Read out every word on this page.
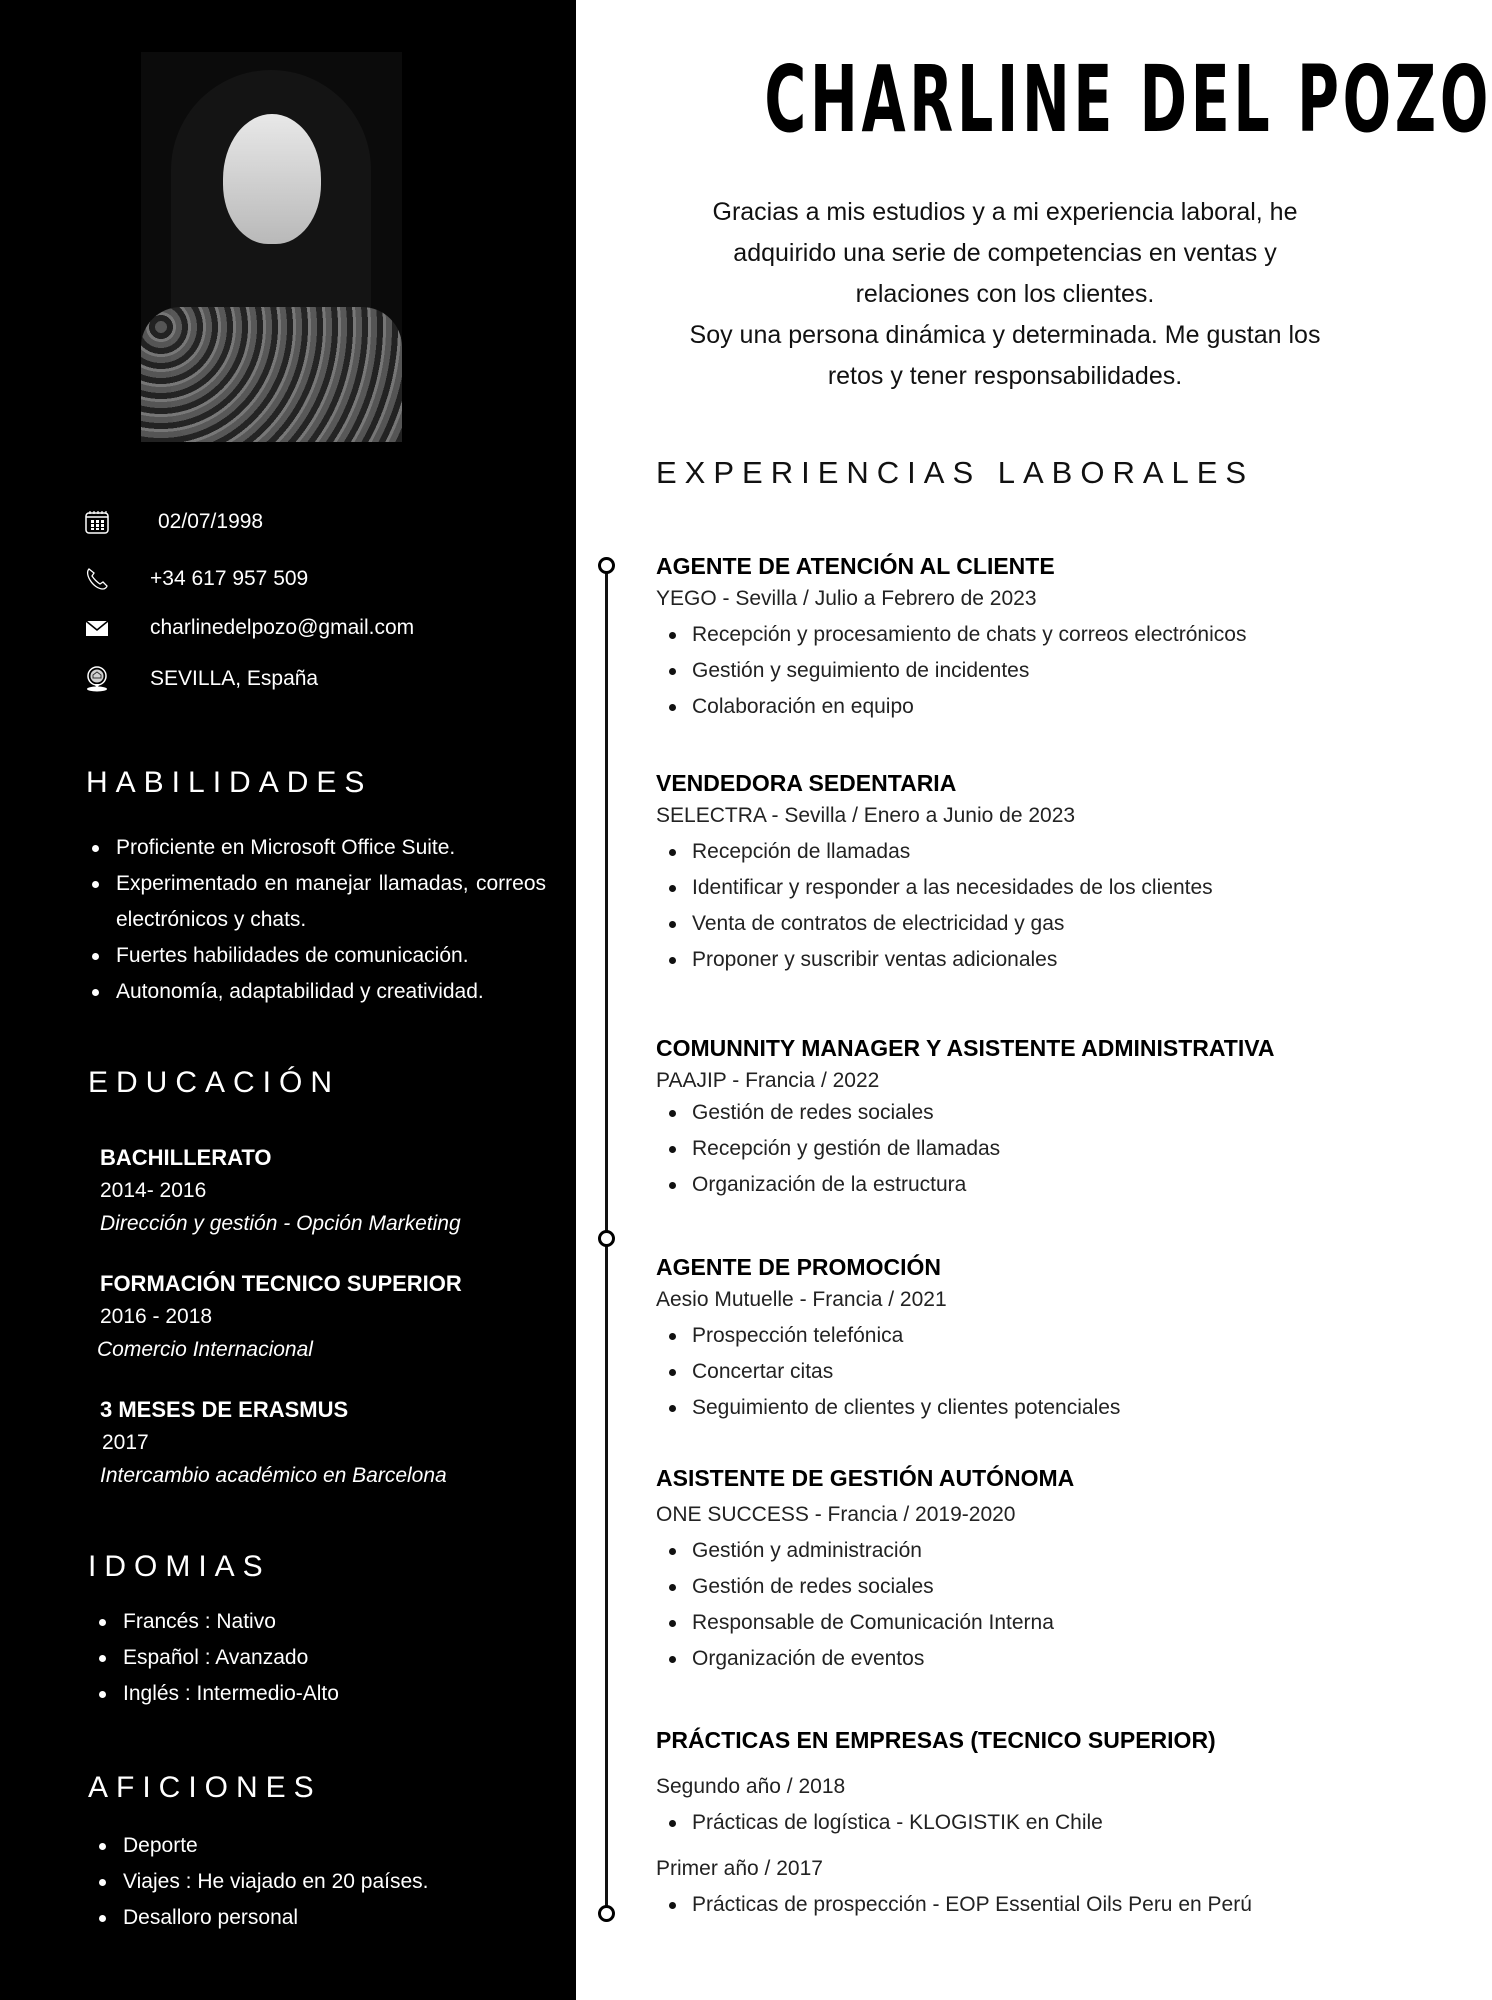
02/07/1998
+34 617 957 509
charlinedelpozo@gmail.com
SEVILLA, España
HABILIDADES
Proficiente en Microsoft Office Suite.
Experimentado en manejar llamadas, correos electrónicos y chats.
Fuertes habilidades de comunicación.
Autonomía, adaptabilidad y creatividad.
EDUCACIÓN
BACHILLERATO
2014- 2016
Dirección y gestión - Opción Marketing
FORMACIÓN TECNICO SUPERIOR
2016 - 2018
Comercio Internacional
3 MESES DE ERASMUS
2017
Intercambio académico en Barcelona
IDOMIAS
Francés : Nativo
Español : Avanzado
Inglés : Intermedio-Alto
AFICIONES
Deporte
Viajes : He viajado en 20 países.
Desalloro personal
CHARLINE DEL POZO
Gracias a mis estudios y a mi experiencia laboral, he
adquirido una serie de competencias en ventas y
relaciones con los clientes.
Soy una persona dinámica y determinada. Me gustan los
retos y tener responsabilidades.
EXPERIENCIAS LABORALES
AGENTE DE ATENCIÓN AL CLIENTE
YEGO - Sevilla / Julio a Febrero de 2023
Recepción y procesamiento de chats y correos electrónicos
Gestión y seguimiento de incidentes
Colaboración en equipo
VENDEDORA SEDENTARIA
SELECTRA - Sevilla / Enero a Junio de 2023
Recepción de llamadas
Identificar y responder a las necesidades de los clientes
Venta de contratos de electricidad y gas
Proponer y suscribir ventas adicionales
COMUNNITY MANAGER Y ASISTENTE ADMINISTRATIVA
PAAJIP - Francia / 2022
Gestión de redes sociales
Recepción y gestión de llamadas
Organización de la estructura
AGENTE DE PROMOCIÓN
Aesio Mutuelle - Francia / 2021
Prospección telefónica
Concertar citas
Seguimiento de clientes y clientes potenciales
ASISTENTE DE GESTIÓN AUTÓNOMA
ONE SUCCESS - Francia / 2019-2020
Gestión y administración
Gestión de redes sociales
Responsable de Comunicación Interna
Organización de eventos
PRÁCTICAS EN EMPRESAS (TECNICO SUPERIOR)
Segundo año / 2018
Prácticas de logística - KLOGISTIK en Chile
Primer año / 2017
Prácticas de prospección - EOP Essential Oils Peru en Perú
